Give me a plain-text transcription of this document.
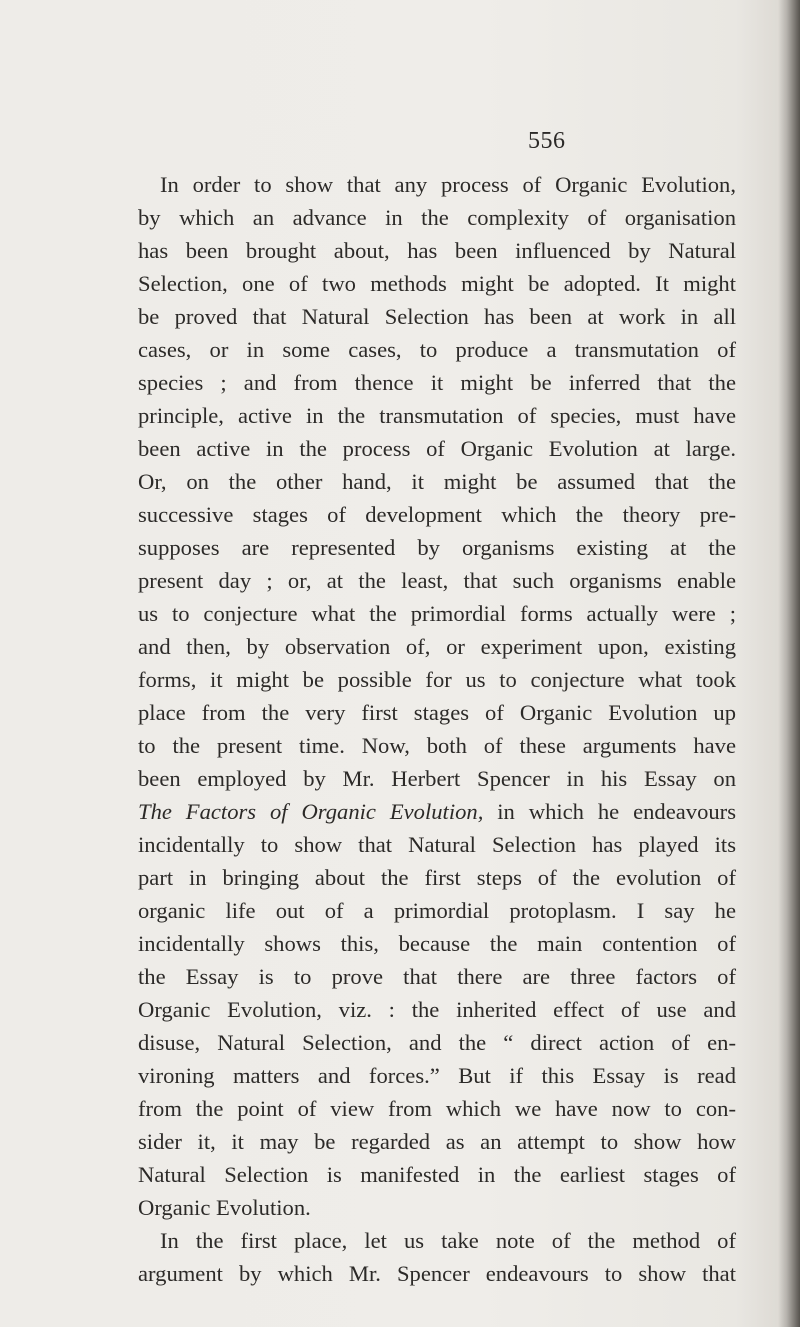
556
In order to show that any process of Organic Evolution,
by which an advance in the complexity of organisation
has been brought about, has been influenced by Natural
Selection, one of two methods might be adopted. It might
be proved that Natural Selection has been at work in all
cases, or in some cases, to produce a transmutation of
species ; and from thence it might be inferred that the
principle, active in the transmutation of species, must have
been active in the process of Organic Evolution at large.
Or, on the other hand, it might be assumed that the
successive stages of development which the theory pre-
supposes are represented by organisms existing at the
present day ; or, at the least, that such organisms enable
us to conjecture what the primordial forms actually were ;
and then, by observation of, or experiment upon, existing
forms, it might be possible for us to conjecture what took
place from the very first stages of Organic Evolution up
to the present time. Now, both of these arguments have
been employed by Mr. Herbert Spencer in his Essay on
The Factors of Organic Evolution, in which he endeavours
incidentally to show that Natural Selection has played its
part in bringing about the first steps of the evolution of
organic life out of a primordial protoplasm. I say he
incidentally shows this, because the main contention of
the Essay is to prove that there are three factors of
Organic Evolution, viz. : the inherited effect of use and
disuse, Natural Selection, and the “ direct action of en-
vironing matters and forces.” But if this Essay is read
from the point of view from which we have now to con-
sider it, it may be regarded as an attempt to show how
Natural Selection is manifested in the earliest stages of
Organic Evolution.
In the first place, let us take note of the method of
argument by which Mr. Spencer endeavours to show that
